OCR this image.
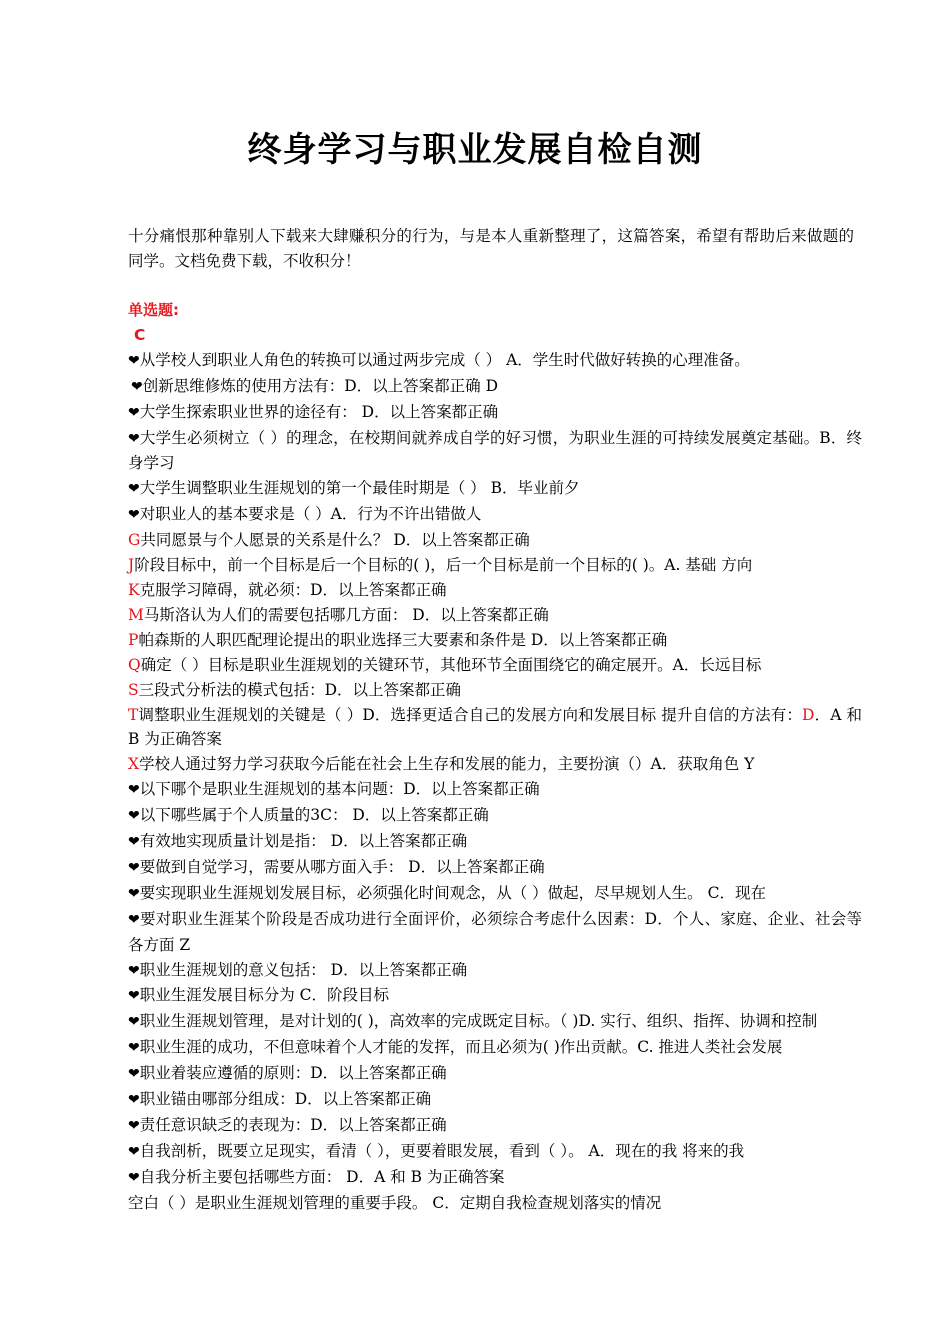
终身学习与职业发展自检自测

十分痛恨那种靠别人下载来大肆赚积分的行为，与是本人重新整理了，这篇答案，希望有帮助后来做题的同学。文档免费下载，不收积分！

单选题:
C
❤从学校人到职业人角色的转换可以通过两步完成（ ） A．学生时代做好转换的心理准备。
❤创新思维修炼的使用方法有：D．以上答案都正确 D
❤大学生探索职业世界的途径有： D．以上答案都正确
❤大学生必须树立（ ）的理念，在校期间就养成自学的好习惯，为职业生涯的可持续发展奠定基础。B．终身学习
❤大学生调整职业生涯规划的第一个最佳时期是（ ） B．毕业前夕
❤对职业人的基本要求是（ ）A．行为不许出错做人
G共同愿景与个人愿景的关系是什么？ D．以上答案都正确
J阶段目标中，前一个目标是后一个目标的( )，后一个目标是前一个目标的( )。A. 基础 方向
K克服学习障碍，就必须：D．以上答案都正确
M马斯洛认为人们的需要包括哪几方面： D．以上答案都正确
P帕森斯的人职匹配理论提出的职业选择三大要素和条件是 D．以上答案都正确
Q确定（ ）目标是职业生涯规划的关键环节，其他环节全面围绕它的确定展开。A．长远目标
S三段式分析法的模式包括：D．以上答案都正确
T调整职业生涯规划的关键是（ ）D．选择更适合自己的发展方向和发展目标 提升自信的方法有：D．A 和 B 为正确答案
X学校人通过努力学习获取今后能在社会上生存和发展的能力，主要扮演（）A．获取角色 Y
❤以下哪个是职业生涯规划的基本问题：D．以上答案都正确
❤以下哪些属于个人质量的3C： D．以上答案都正确
❤有效地实现质量计划是指： D．以上答案都正确
❤要做到自觉学习，需要从哪方面入手： D．以上答案都正确
❤要实现职业生涯规划发展目标，必须强化时间观念，从（ ）做起，尽早规划人生。 C．现在
❤要对职业生涯某个阶段是否成功进行全面评价，必须综合考虑什么因素：D．个人、家庭、企业、社会等各方面 Z
❤职业生涯规划的意义包括： D．以上答案都正确
❤职业生涯发展目标分为 C．阶段目标
❤职业生涯规划管理，是对计划的( )，高效率的完成既定目标。（ )D. 实行、组织、指挥、协调和控制
❤职业生涯的成功，不但意味着个人才能的发挥，而且必须为( )作出贡献。C. 推进人类社会发展
❤职业着装应遵循的原则：D．以上答案都正确
❤职业锚由哪部分组成：D．以上答案都正确
❤责任意识缺乏的表现为：D．以上答案都正确
❤自我剖析，既要立足现实，看清（ ），更要着眼发展，看到（ ）。 A．现在的我 将来的我
❤自我分析主要包括哪些方面： D．A 和 B 为正确答案
空白（ ）是职业生涯规划管理的重要手段。 C．定期自我检查规划落实的情况
